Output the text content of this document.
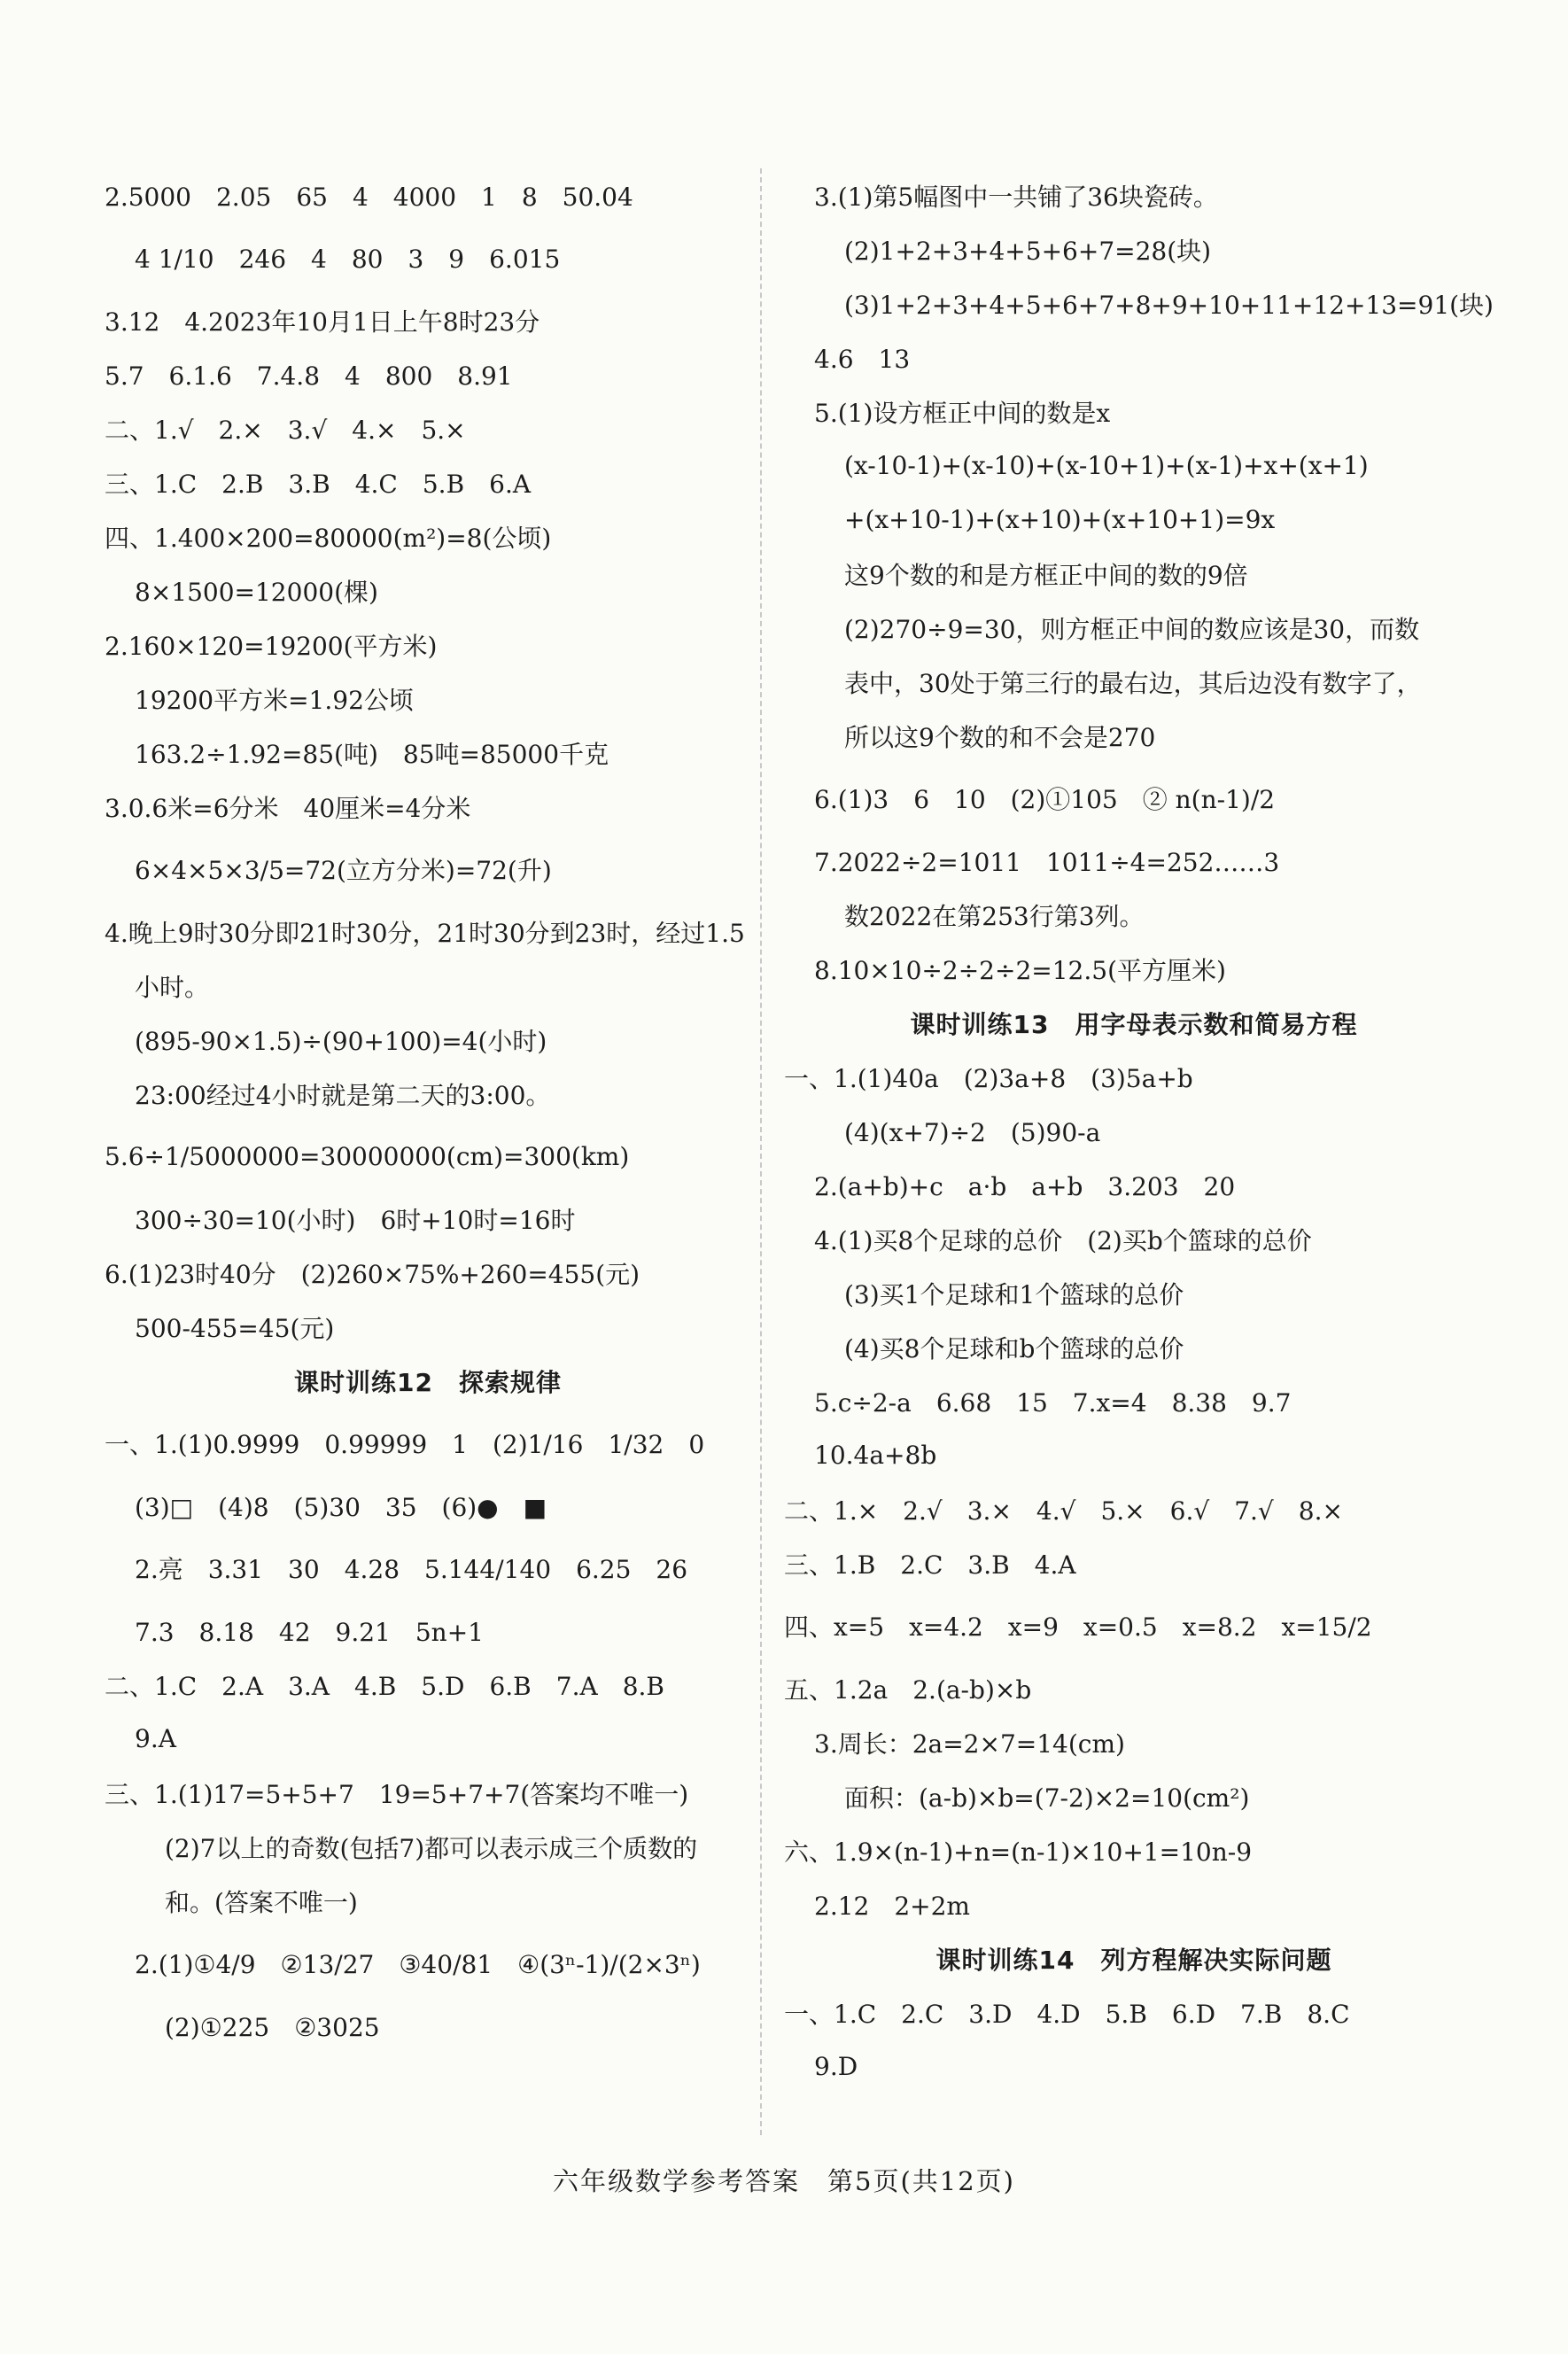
2.5000　2.05　65　4　4000　1　8　50.04
4 1/10　246　4　80　3　9　6.015
3.12　4.2023年10月1日上午8时23分
5.7　6.1.6　7.4.8　4　800　8.91
二、1.√　2.×　3.√　4.×　5.×
三、1.C　2.B　3.B　4.C　5.B　6.A
四、1.400×200=80000(m²)=8(公顷)
8×1500=12000(棵)
2.160×120=19200(平方米)
19200平方米=1.92公顷
163.2÷1.92=85(吨)　85吨=85000千克
3.0.6米=6分米　40厘米=4分米
6×4×5×3/5=72(立方分米)=72(升)
4.晚上9时30分即21时30分，21时30分到23时，经过1.5
小时。
(895-90×1.5)÷(90+100)=4(小时)
23:00经过4小时就是第二天的3:00。
5.6÷1/5000000=30000000(cm)=300(km)
300÷30=10(小时)　6时+10时=16时
6.(1)23时40分　(2)260×75%+260=455(元)
500-455=45(元)
课时训练12　探索规律
一、1.(1)0.9999　0.99999　1　(2)1/16　1/32　0
(3)□　(4)8　(5)30　35　(6)●　■
2.亮　3.31　30　4.28　5.144/140　6.25　26
7.3　8.18　42　9.21　5n+1
二、1.C　2.A　3.A　4.B　5.D　6.B　7.A　8.B
9.A
三、1.(1)17=5+5+7　19=5+7+7(答案均不唯一)
(2)7以上的奇数(包括7)都可以表示成三个质数的
和。(答案不唯一)
2.(1)①4/9　②13/27　③40/81　④(3ⁿ-1)/(2×3ⁿ)
(2)①225　②3025
3.(1)第5幅图中一共铺了36块瓷砖。
(2)1+2+3+4+5+6+7=28(块)
(3)1+2+3+4+5+6+7+8+9+10+11+12+13=91(块)
4.6　13
5.(1)设方框正中间的数是x
(x-10-1)+(x-10)+(x-10+1)+(x-1)+x+(x+1)
+(x+10-1)+(x+10)+(x+10+1)=9x
这9个数的和是方框正中间的数的9倍
(2)270÷9=30，则方框正中间的数应该是30，而数
表中，30处于第三行的最右边，其后边没有数字了，
所以这9个数的和不会是270
6.(1)3　6　10　(2)①105　② n(n-1)/2
7.2022÷2=1011　1011÷4=252……3
数2022在第253行第3列。
8.10×10÷2÷2÷2=12.5(平方厘米)
课时训练13　用字母表示数和简易方程
一、1.(1)40a　(2)3a+8　(3)5a+b
(4)(x+7)÷2　(5)90-a
2.(a+b)+c　a·b　a+b　3.203　20
4.(1)买8个足球的总价　(2)买b个篮球的总价
(3)买1个足球和1个篮球的总价
(4)买8个足球和b个篮球的总价
5.c÷2-a　6.68　15　7.x=4　8.38　9.7
10.4a+8b
二、1.×　2.√　3.×　4.√　5.×　6.√　7.√　8.×
三、1.B　2.C　3.B　4.A
四、x=5　x=4.2　x=9　x=0.5　x=8.2　x=15/2
五、1.2a　2.(a-b)×b
3.周长：2a=2×7=14(cm)
面积：(a-b)×b=(7-2)×2=10(cm²)
六、1.9×(n-1)+n=(n-1)×10+1=10n-9
2.12　2+2m
课时训练14　列方程解决实际问题
一、1.C　2.C　3.D　4.D　5.B　6.D　7.B　8.C
9.D
六年级数学参考答案　第5页(共12页)
